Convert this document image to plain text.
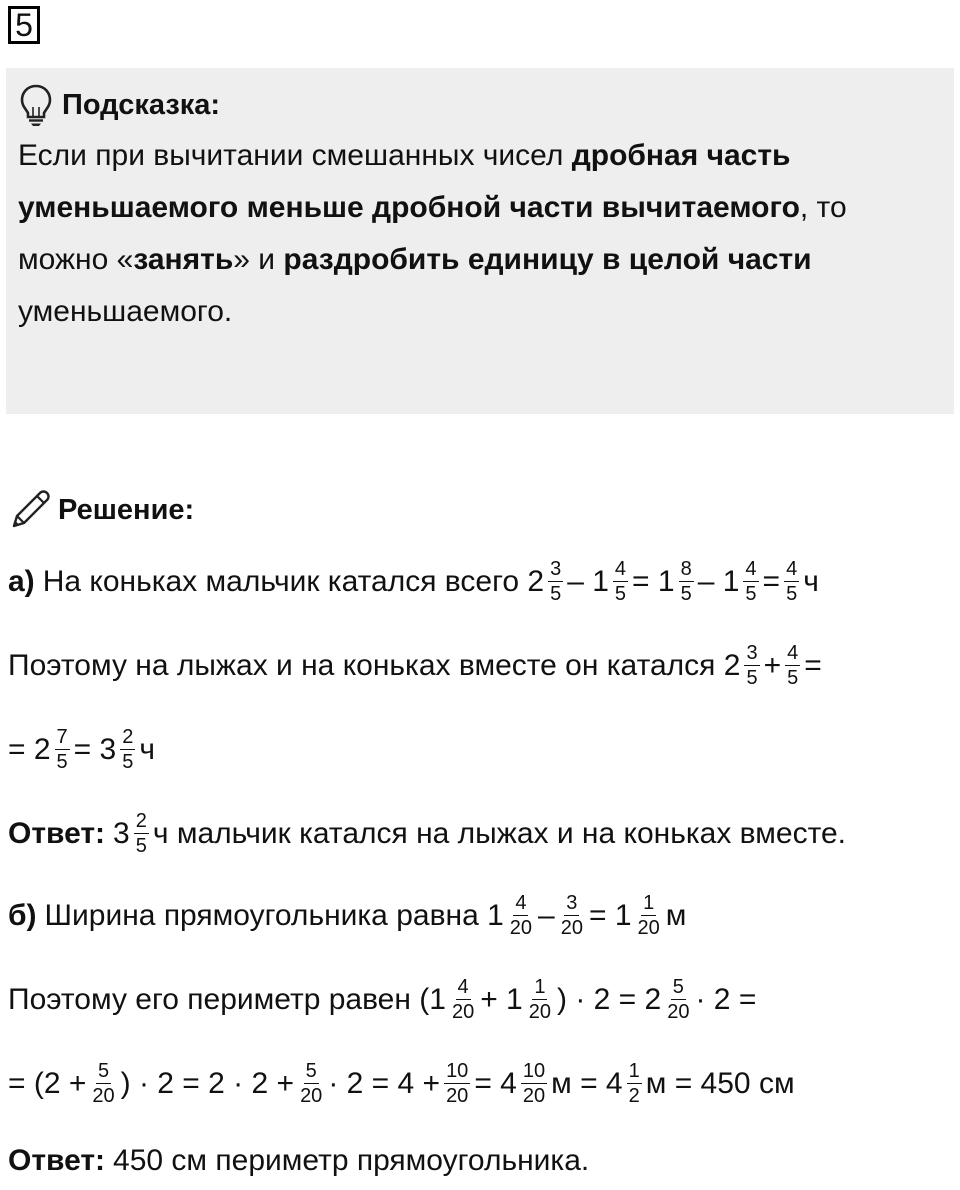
5
Подсказка:
Если при вычитании смешанных чисел дробная часть уменьшаемого меньше дробной части вычитаемого, то можно «занять» и раздробить единицу в целой части уменьшаемого.
Решение:
а) На коньках мальчик катался всего $2 \frac{3}{5} - 1 \frac{4}{5} = 1 \frac{8}{5} - 1 \frac{4}{5} = \frac{4}{5}$ ч
Поэтому на лыжах и на коньках вместе он катался $2 \frac{3}{5} + \frac{4}{5}$ =
= $2 \frac{7}{5} = 3 \frac{2}{5}$ ч
Ответ: $3 \frac{2}{5}$ ч мальчик катался на лыжах и на коньках вместе.
б) Ширина прямоугольника равна $1 \frac{4}{20} - \frac{3}{20} = 1 \frac{1}{20}$ м
Поэтому его периметр равен ($1 \frac{4}{20} + 1 \frac{1}{20}$ ) · $2 = 2 \frac{5}{20} \cdot 2$ =
= ($2 + \frac{5}{20}$ ) · $2 = 2 \cdot 2 + \frac{5}{20} \cdot 2 = 4 + \frac{10}{20} = 4 \frac{10}{20}$ $м = 4 \frac{1}{2}$ м = 450 см
Ответ: 450 см периметр прямоугольника.
